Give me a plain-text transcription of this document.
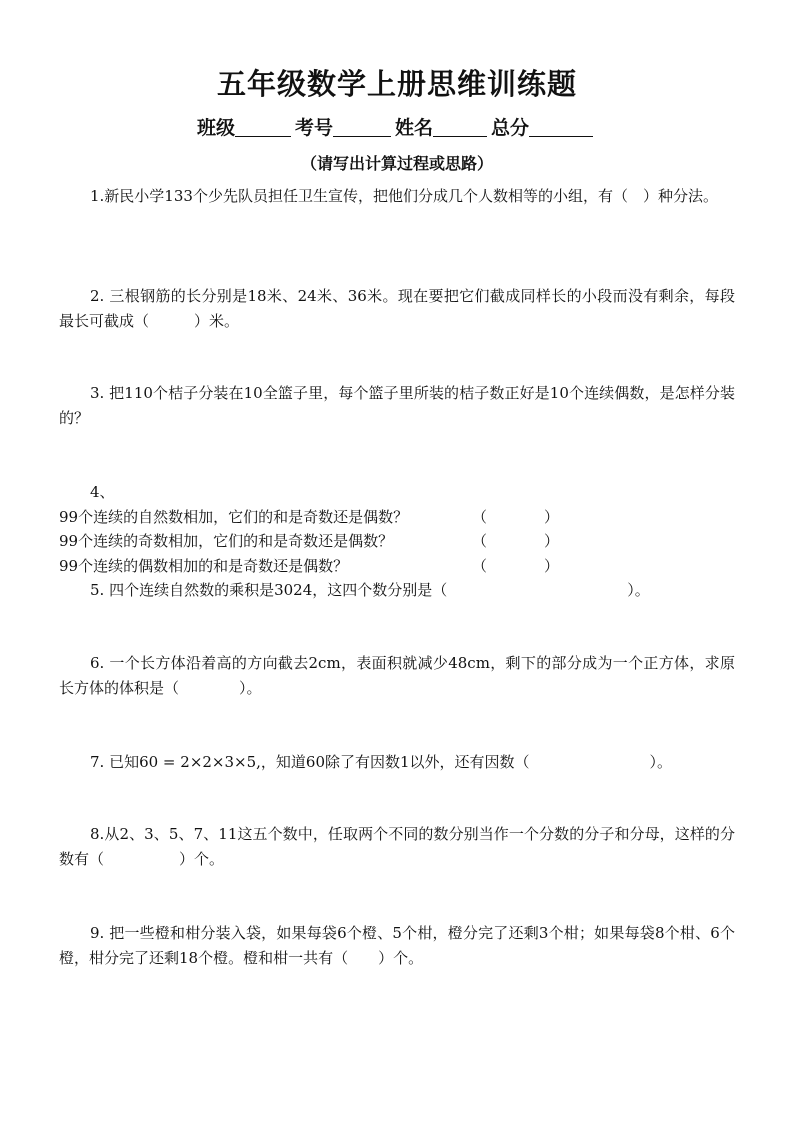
五年级数学上册思维训练题
班级	考号	姓名	总分
（请写出计算过程或思路）
1.新民小学133个少先队员担任卫生宣传，把他们分成几个人数相等的小组，有（　）种分法。
2. 三根钢筋的长分别是18米、24米、36米。现在要把它们截成同样长的小段而没有剩余，每段最长可截成（　　　）米。
3. 把110个桔子分装在10全篮子里，每个篮子里所装的桔子数正好是10个连续偶数，是怎样分装的？
4、
99个连续的自然数相加，它们的和是奇数还是偶数？	（	）
99个连续的奇数相加，它们的和是奇数还是偶数？	（	）
99个连续的偶数相加的和是奇数还是偶数？	（	）
5. 四个连续自然数的乘积是3024，这四个数分别是（　　　　　　　　　　　　）。
6. 一个长方体沿着高的方向截去2cm，表面积就减少48cm，剩下的部分成为一个正方体，求原长方体的体积是（　　　　）。
7. 已知60 = 2×2×3×5,，知道60除了有因数1以外，还有因数（　　　　　　　　）。
8.从2、3、5、7、11这五个数中，任取两个不同的数分别当作一个分数的分子和分母，这样的分数有（　　　　　）个。
9. 把一些橙和柑分装入袋，如果每袋6个橙、5个柑，橙分完了还剩3个柑；如果每袋8个柑、6个橙，柑分完了还剩18个橙。橙和柑一共有（　　）个。
